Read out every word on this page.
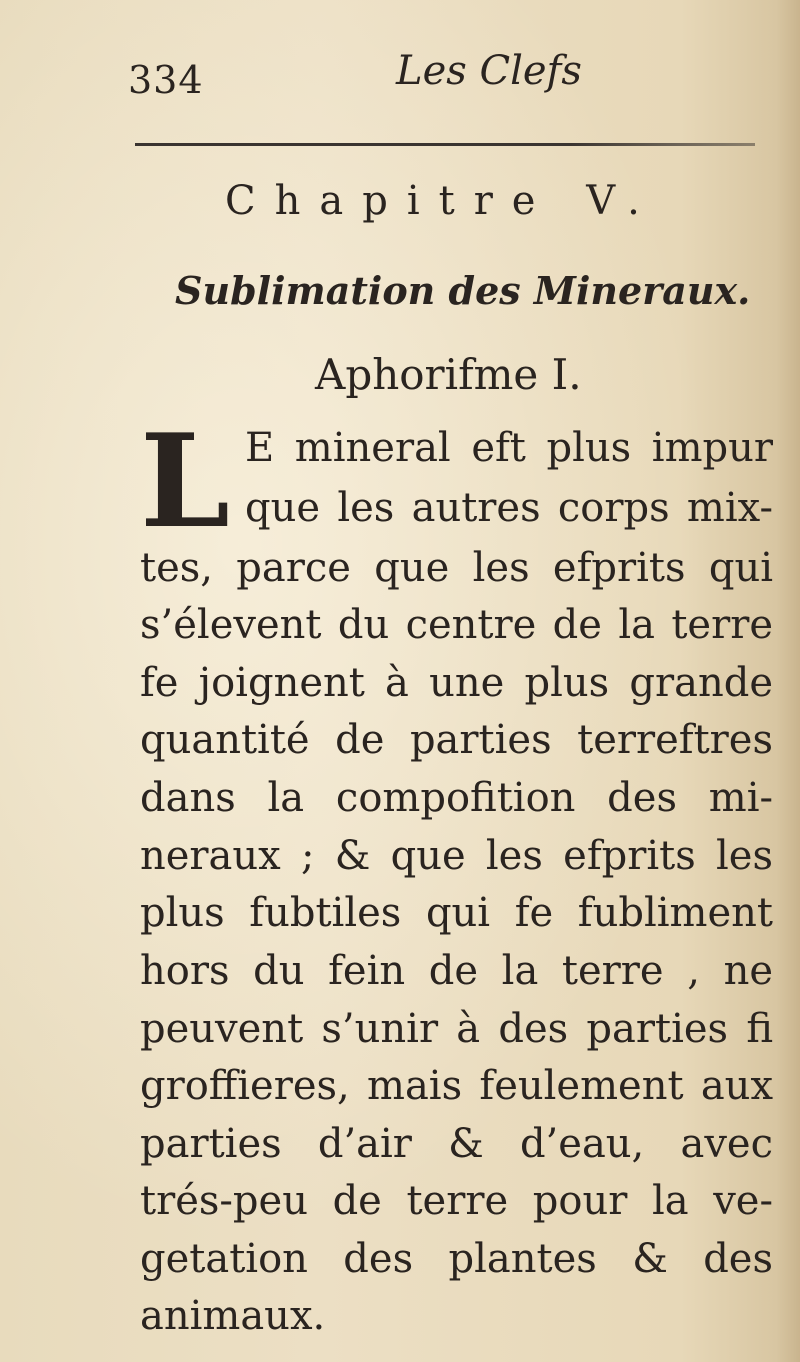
334	Les Clefs
Chapitre V.
Sublimation des Mineraux.
Aphorifme I.
L E mineral eft plus impur
que les autres corps mix-
tes, parce que les efprits qui
s’élevent du centre de la terre
fe joignent à une plus grande
quantité de parties terreftres
dans la compofition des mi-
neraux ; & que les efprits les
plus fubtiles qui fe fubliment
hors du fein de la terre , ne
peuvent s’unir à des parties fi
groffieres, mais feulement aux
parties d’air & d’eau, avec
trés-peu de terre pour la ve-
getation des plantes & des
animaux.
